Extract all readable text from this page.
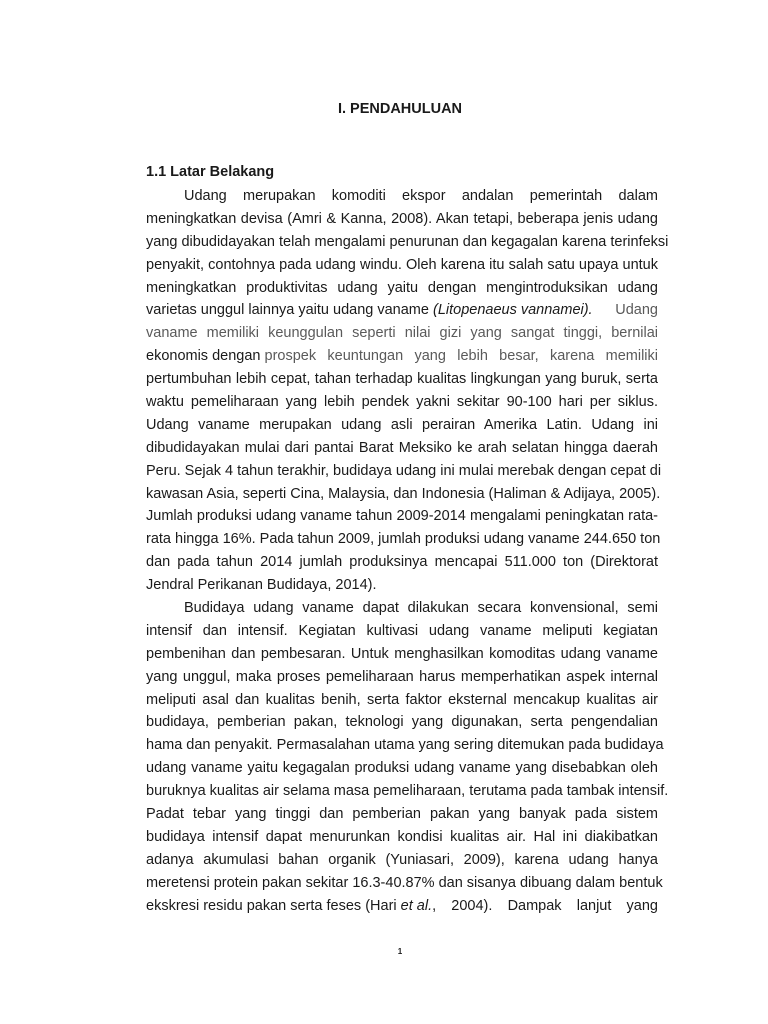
I. PENDAHULUAN
1.1 Latar Belakang
Udang merupakan komoditi ekspor andalan pemerintah dalam
meningkatkan devisa (Amri & Kanna, 2008). Akan tetapi, beberapa jenis udang
yang dibudidayakan telah mengalami penurunan dan kegagalan karena terinfeksi
penyakit, contohnya pada udang windu. Oleh karena itu salah satu upaya untuk
meningkatkan produktivitas udang yaitu dengan mengintroduksikan udang
varietas unggul lainnya yaitu udang vaname (Litopenaeus vannamei). Udang
vaname memiliki keunggulan seperti nilai gizi yang sangat tinggi, bernilai
ekonomis dengan prospek keuntungan yang lebih besar, karena memiliki
pertumbuhan lebih cepat, tahan terhadap kualitas lingkungan yang buruk, serta
waktu pemeliharaan yang lebih pendek yakni sekitar 90-100 hari per siklus.
Udang vaname merupakan udang asli perairan Amerika Latin. Udang ini
dibudidayakan mulai dari pantai Barat Meksiko ke arah selatan hingga daerah
Peru. Sejak 4 tahun terakhir, budidaya udang ini mulai merebak dengan cepat di
kawasan Asia, seperti Cina, Malaysia, dan Indonesia (Haliman & Adijaya, 2005).
Jumlah produksi udang vaname tahun 2009-2014 mengalami peningkatan rata-
rata hingga 16%. Pada tahun 2009, jumlah produksi udang vaname 244.650 ton
dan pada tahun 2014 jumlah produksinya mencapai 511.000 ton (Direktorat
Jendral Perikanan Budidaya, 2014).
Budidaya udang vaname dapat dilakukan secara konvensional, semi
intensif dan intensif. Kegiatan kultivasi udang vaname meliputi kegiatan
pembenihan dan pembesaran. Untuk menghasilkan komoditas udang vaname
yang unggul, maka proses pemeliharaan harus memperhatikan aspek internal
meliputi asal dan kualitas benih, serta faktor eksternal mencakup kualitas air
budidaya, pemberian pakan, teknologi yang digunakan, serta pengendalian
hama dan penyakit. Permasalahan utama yang sering ditemukan pada budidaya
udang vaname yaitu kegagalan produksi udang vaname yang disebabkan oleh
buruknya kualitas air selama masa pemeliharaan, terutama pada tambak intensif.
Padat tebar yang tinggi dan pemberian pakan yang banyak pada sistem
budidaya intensif dapat menurunkan kondisi kualitas air. Hal ini diakibatkan
adanya akumulasi bahan organik (Yuniasari, 2009), karena udang hanya
meretensi protein pakan sekitar 16.3-40.87% dan sisanya dibuang dalam bentuk
ekskresi residu pakan serta feses (Hari et al. , 2004). Dampak lanjut yang
1
